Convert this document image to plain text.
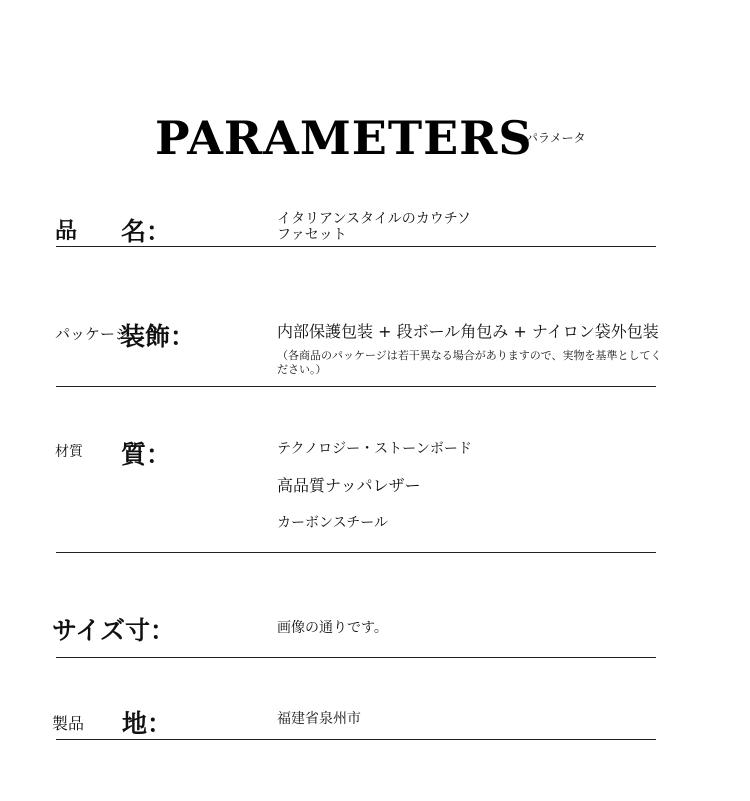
PARAMETERS
パラメータ
品 名：	イタリアンスタイルのカウチソ
ファセット
パッケージ
装飾：	内部保護包装 + 段ボール角包み + ナイロン袋外包装
（各商品のパッケージは若干異なる場合がありますので、実物を基準としてください。）
材質 質：	テクノロジー・ストーンボード
高品質ナッパレザー
カーボンスチール
サイズ寸：	画像の通りです。
製品 地：	福建省泉州市
